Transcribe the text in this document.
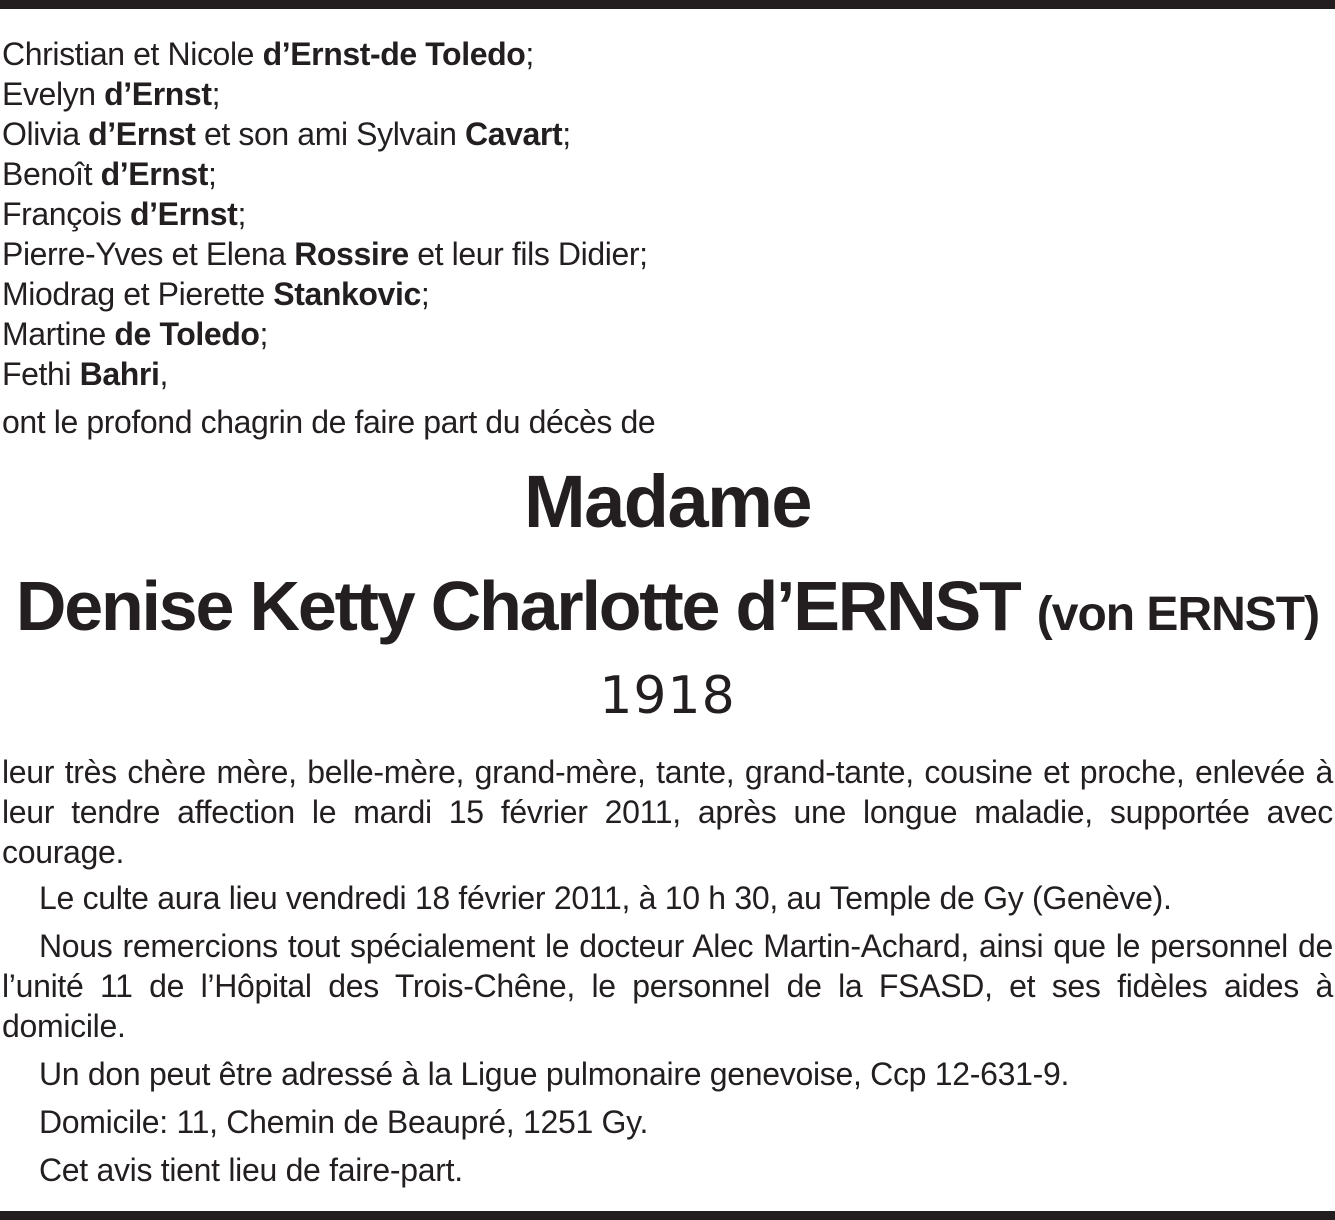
Christian et Nicole d’Ernst-de Toledo;
Evelyn d’Ernst;
Olivia d’Ernst et son ami Sylvain Cavart;
Benoît d’Ernst;
François d’Ernst;
Pierre-Yves et Elena Rossire et leur fils Didier;
Miodrag et Pierette Stankovic;
Martine de Toledo;
Fethi Bahri,
ont le profond chagrin de faire part du décès de
Madame
Denise Ketty Charlotte d’ERNST (von ERNST)
1918

leur très chère mère, belle-mère, grand-mère, tante, grand-tante, cousine et proche, enlevée à leur tendre affection le mardi 15 février 2011, après une longue maladie, supportée avec courage.

Le culte aura lieu vendredi 18 février 2011, à 10 h 30, au Temple de Gy (Genève).

Nous remercions tout spécialement le docteur Alec Martin-Achard, ainsi que le personnel de l’unité 11 de l’Hôpital des Trois-Chêne, le personnel de la FSASD, et ses fidèles aides à domicile.

Un don peut être adressé à la Ligue pulmonaire genevoise, Ccp 12-631-9.

Domicile: 11, Chemin de Beaupré, 1251 Gy.

Cet avis tient lieu de faire-part.
